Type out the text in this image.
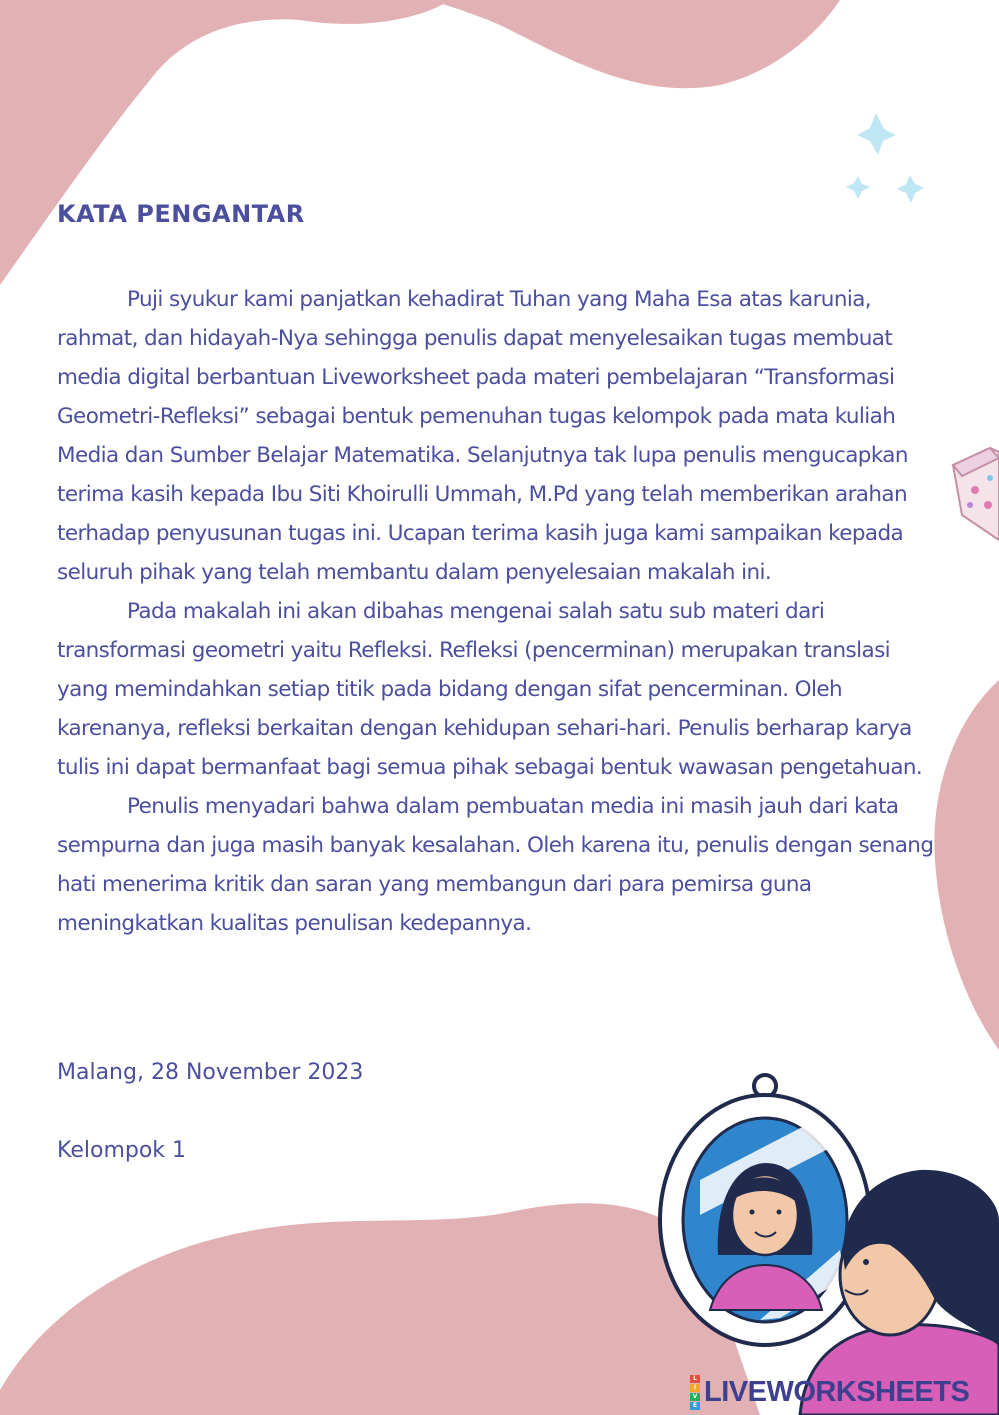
KATA PENGANTAR

Puji syukur kami panjatkan kehadirat Tuhan yang Maha Esa atas karunia, rahmat, dan hidayah-Nya sehingga penulis dapat menyelesaikan tugas membuat media digital berbantuan Liveworksheet pada materi pembelajaran “Transformasi Geometri-Refleksi” sebagai bentuk pemenuhan tugas kelompok pada mata kuliah Media dan Sumber Belajar Matematika. Selanjutnya tak lupa penulis mengucapkan terima kasih kepada Ibu Siti Khoirulli Ummah, M.Pd yang telah memberikan arahan terhadap penyusunan tugas ini. Ucapan terima kasih juga kami sampaikan kepada seluruh pihak yang telah membantu dalam penyelesaian makalah ini.

Pada makalah ini akan dibahas mengenai salah satu sub materi dari transformasi geometri yaitu Refleksi. Refleksi (pencerminan) merupakan translasi yang memindahkan setiap titik pada bidang dengan sifat pencerminan. Oleh karenanya, refleksi berkaitan dengan kehidupan sehari-hari. Penulis berharap karya tulis ini dapat bermanfaat bagi semua pihak sebagai bentuk wawasan pengetahuan.

Penulis menyadari bahwa dalam pembuatan media ini masih jauh dari kata sempurna dan juga masih banyak kesalahan. Oleh karena itu, penulis dengan senang hati menerima kritik dan saran yang membangun dari para pemirsa guna meningkatkan kualitas penulisan kedepannya.

Malang, 28 November 2023

Kelompok 1

L
I
V
E LIVEWORKSHEETS
